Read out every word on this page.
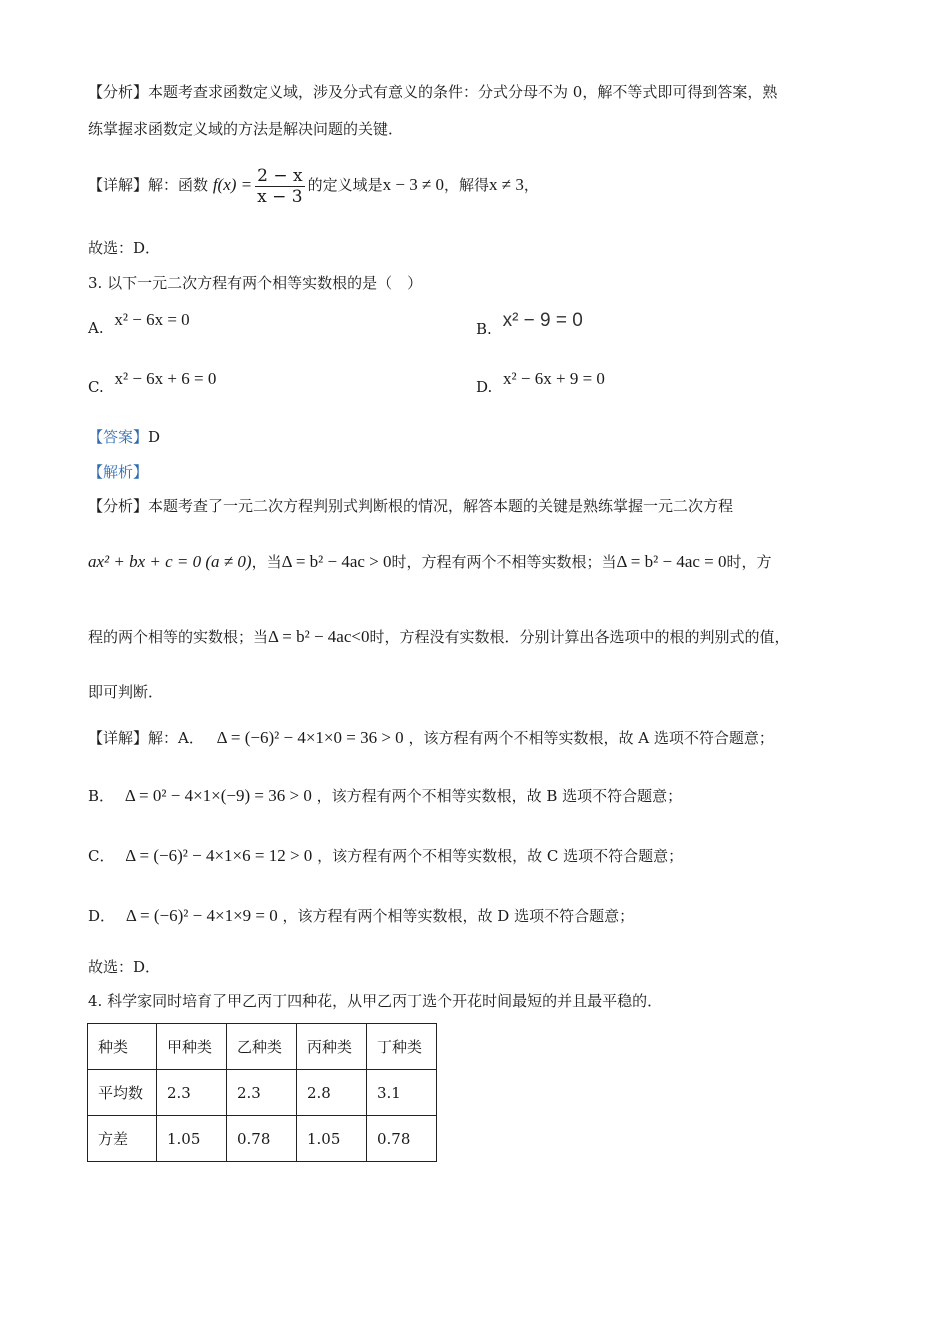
【分析】本题考查求函数定义域，涉及分式有意义的条件：分式分母不为 0，解不等式即可得到答案，熟
练掌握求函数定义域的方法是解决问题的关键．
【详解】解：函数 $f(x) = \frac{2 - x}{x - 3}$ 的定义域是x − 3 ≠ 0，解得x ≠ 3，
故选：D．
3. 以下一元二次方程有两个相等实数根的是（　）
A. x² − 6x = 0	B. x² − 9 = 0
C. x² − 6x + 6 = 0	D. x² − 6x + 9 = 0
【答案】D
【解析】
【分析】本题考查了一元二次方程判别式判断根的情况，解答本题的关键是熟练掌握一元二次方程
ax² + bx + c = 0 (a ≠ 0)，当Δ = b² − 4ac > 0时，方程有两个不相等实数根；当Δ = b² − 4ac = 0时，方
程的两个相等的实数根；当Δ = b² − 4ac<0时，方程没有实数根．分别计算出各选项中的根的判别式的值，
即可判断．
【详解】解：A． Δ = (−6)² − 4×1×0 = 36 > 0 ，该方程有两个不相等实数根，故 A 选项不符合题意；
B． Δ = 0² − 4×1×(−9) = 36 > 0 ，该方程有两个不相等实数根，故 B 选项不符合题意；
C． Δ = (−6)² − 4×1×6 = 12 > 0 ，该方程有两个不相等实数根，故 C 选项不符合题意；
D． Δ = (−6)² − 4×1×9 = 0 ，该方程有两个相等实数根，故 D 选项不符合题意；
故选：D．
4. 科学家同时培育了甲乙丙丁四种花，从甲乙丙丁选个开花时间最短的并且最平稳的．
种类	甲种类	乙种类	丙种类	丁种类
平均数	2.3	2.3	2.8	3.1
方差	1.05	0.78	1.05	0.78
